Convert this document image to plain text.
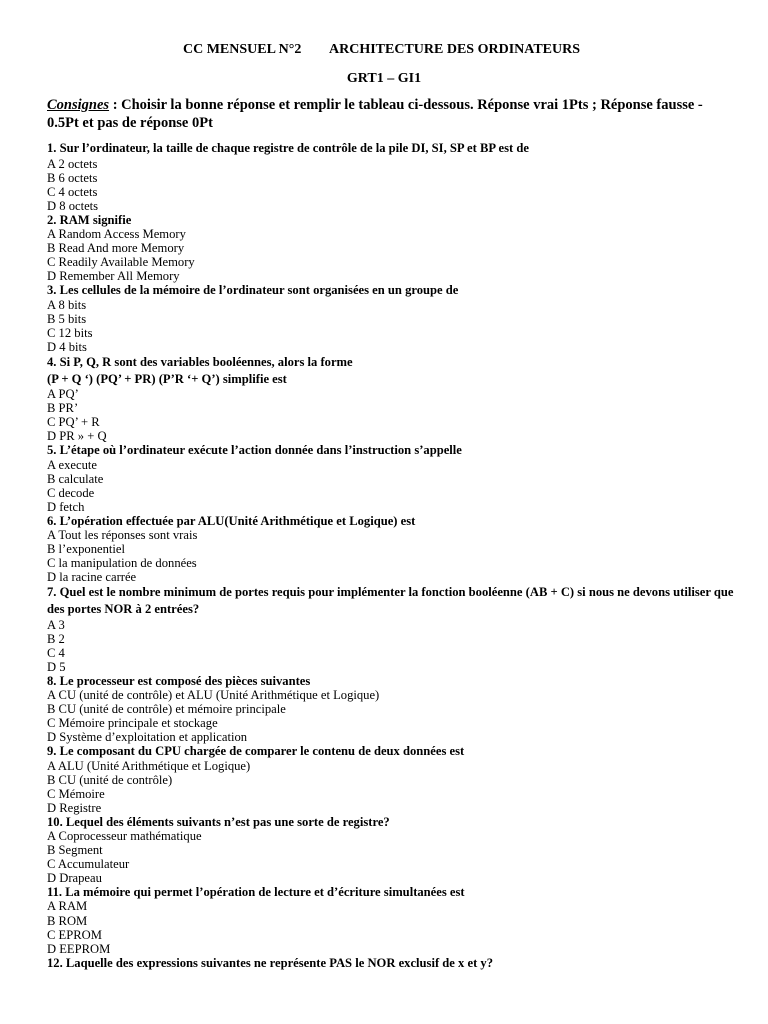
CC MENSUEL N°2 ARCHITECTURE DES ORDINATEURS
GRT1 – GI1
Consignes : Choisir la bonne réponse et remplir le tableau ci-dessous. Réponse vrai 1Pts ; Réponse fausse - 0.5Pt et pas de réponse 0Pt
1. Sur l’ordinateur, la taille de chaque registre de contrôle de la pile DI, SI, SP et BP est de
A 2 octets
B 6 octets
C 4 octets
D 8 octets
2. RAM signifie
A Random Access Memory
B Read And more Memory
C Readily Available Memory
D Remember All Memory
3. Les cellules de la mémoire de l’ordinateur sont organisées en un groupe de
A 8 bits
B 5 bits
C 12 bits
D 4 bits
4. Si P, Q, R sont des variables booléennes, alors la forme
(P + Q ‘) (PQ’ + PR) (P’R ‘+ Q’) simplifie est
A PQ’
B PR’
C PQ’ + R
D PR » + Q
5. L’étape où l’ordinateur exécute l’action donnée dans l’instruction s’appelle
A execute
B calculate
C decode
D fetch
6. L’opération effectuée par ALU(Unité Arithmétique et Logique) est
A Tout les réponses sont vrais
B l’exponentiel
C la manipulation de données
D la racine carrée
7. Quel est le nombre minimum de portes requis pour implémenter la fonction booléenne (AB + C) si nous ne devons utiliser que des portes NOR à 2 entrées?
A 3
B 2
C 4
D 5
8. Le processeur est composé des pièces suivantes
A CU (unité de contrôle) et ALU (Unité Arithmétique et Logique)
B CU (unité de contrôle) et mémoire principale
C Mémoire principale et stockage
D Système d’exploitation et application
9. Le composant du CPU chargée de comparer le contenu de deux données est
A ALU (Unité Arithmétique et Logique)
B CU (unité de contrôle)
C Mémoire
D Registre
10. Lequel des éléments suivants n’est pas une sorte de registre?
A Coprocesseur mathématique
B Segment
C Accumulateur
D Drapeau
11. La mémoire qui permet l’opération de lecture et d’écriture simultanées est
A RAM
B ROM
C EPROM
D EEPROM
12. Laquelle des expressions suivantes ne représente PAS le NOR exclusif de x et y?
